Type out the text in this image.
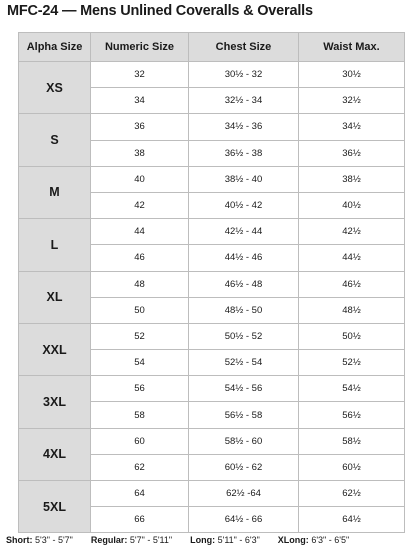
MFC-24 — Mens Unlined Coveralls & Overalls
Alpha Size	Numeric Size	Chest Size	Waist Max.
XS	32	30½ - 32	30½
	34	32½ - 34	32½
S	36	34½ - 36	34½
	38	36½ - 38	36½
M	40	38½ - 40	38½
	42	40½ - 42	40½
L	44	42½ - 44	42½
	46	44½ - 46	44½
XL	48	46½ - 48	46½
	50	48½ - 50	48½
XXL	52	50½ - 52	50½
	54	52½ - 54	52½
3XL	56	54½ - 56	54½
	58	56½ - 58	56½
4XL	60	58½ - 60	58½
	62	60½ - 62	60½
5XL	64	62½ -64	62½
	66	64½ - 66	64½
Short: 5'3" - 5'7" Regular: 5'7" - 5'11" Long: 5'11" - 6'3" XLong: 6'3" - 6'5"
